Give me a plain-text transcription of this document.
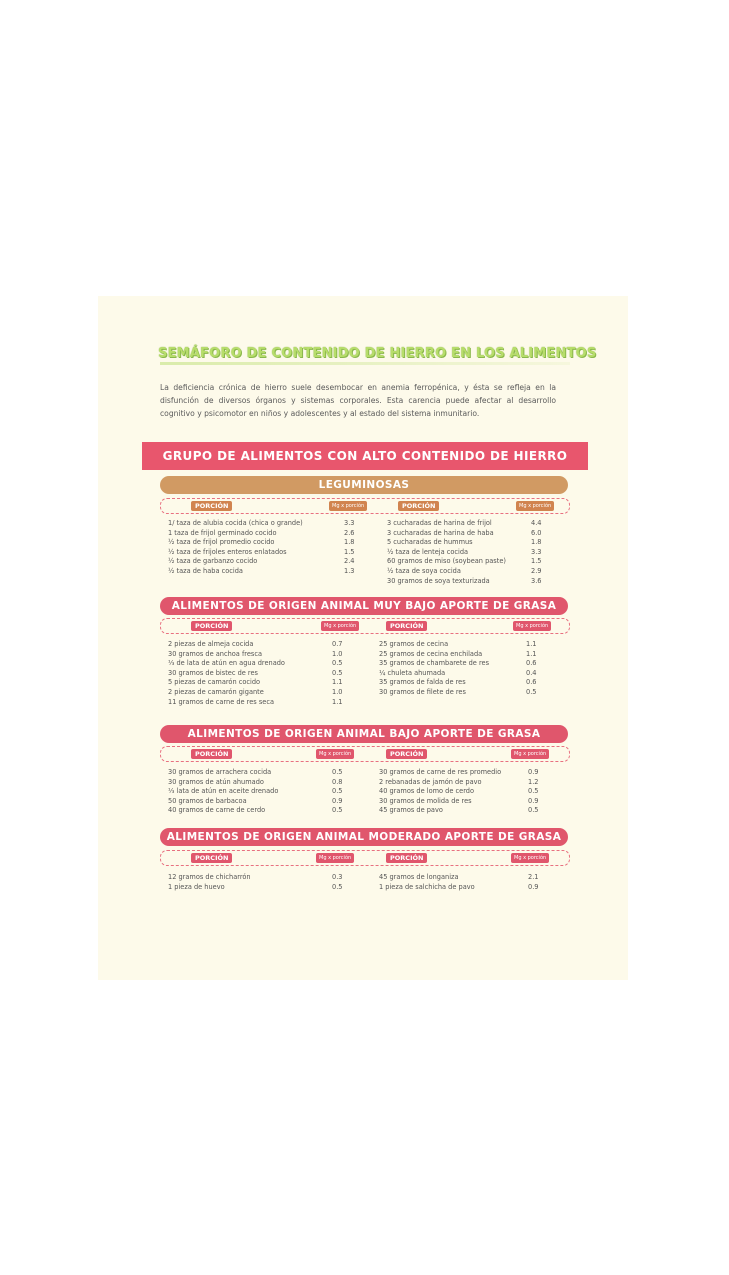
SEMÁFORO DE CONTENIDO DE HIERRO EN LOS ALIMENTOS
La deficiencia crónica de hierro suele desembocar en anemia ferropénica, y ésta se refleja en la disfunción de diversos órganos y sistemas corporales. Esta carencia puede afectar al desarrollo cognitivo y psicomotor en niños y adolescentes y al estado del sistema inmunitario.
GRUPO DE ALIMENTOS CON ALTO CONTENIDO DE HIERRO
LEGUMINOSAS
PORCIÓN	Mg x porción	PORCIÓN	Mg x porción
1/ taza de alubia cocida (chica o grande)	3.3
1 taza de frijol germinado cocido	2.6
½ taza de frijol promedio cocido	1.8
½ taza de frijoles enteros enlatados	1.5
½ taza de garbanzo cocido	2.4
½ taza de haba cocida	1.3
3 cucharadas de harina de frijol	4.4
3 cucharadas de harina de haba	6.0
5 cucharadas de hummus	1.8
½ taza de lenteja cocida	3.3
60 gramos de miso (soybean paste)	1.5
½ taza de soya cocida	2.9
30 gramos de soya texturizada	3.6
ALIMENTOS DE ORIGEN ANIMAL MUY BAJO APORTE DE GRASA
PORCIÓN	Mg x porción	PORCIÓN	Mg x porción
2 piezas de almeja cocida	0.7
30 gramos de anchoa fresca	1.0
⅓ de lata de atún en agua drenado	0.5
30 gramos de bistec de res	0.5
5 piezas de camarón cocido	1.1
2 piezas de camarón gigante	1.0
11 gramos de carne de res seca	1.1
25 gramos de cecina	1.1
25 gramos de cecina enchilada	1.1
35 gramos de chambarete de res	0.6
¼ chuleta ahumada	0.4
35 gramos de falda de res	0.6
30 gramos de filete de res	0.5
ALIMENTOS DE ORIGEN ANIMAL BAJO APORTE DE GRASA
PORCIÓN	Mg x porción	PORCIÓN	Mg x porción
30 gramos de arrachera cocida	0.5
30 gramos de atún ahumado	0.8
⅓ lata de atún en aceite drenado	0.5
50 gramos de barbacoa	0.9
40 gramos de carne de cerdo	0.5
30 gramos de carne de res promedio	0.9
2 rebanadas de jamón de pavo	1.2
40 gramos de lomo de cerdo	0.5
30 gramos de molida de res	0.9
45 gramos de pavo	0.5
ALIMENTOS DE ORIGEN ANIMAL MODERADO APORTE DE GRASA
PORCIÓN	Mg x porción	PORCIÓN	Mg x porción
12 gramos de chicharrón	0.3
1 pieza de huevo	0.5
45 gramos de longaniza	2.1
1 pieza de salchicha de pavo	0.9
